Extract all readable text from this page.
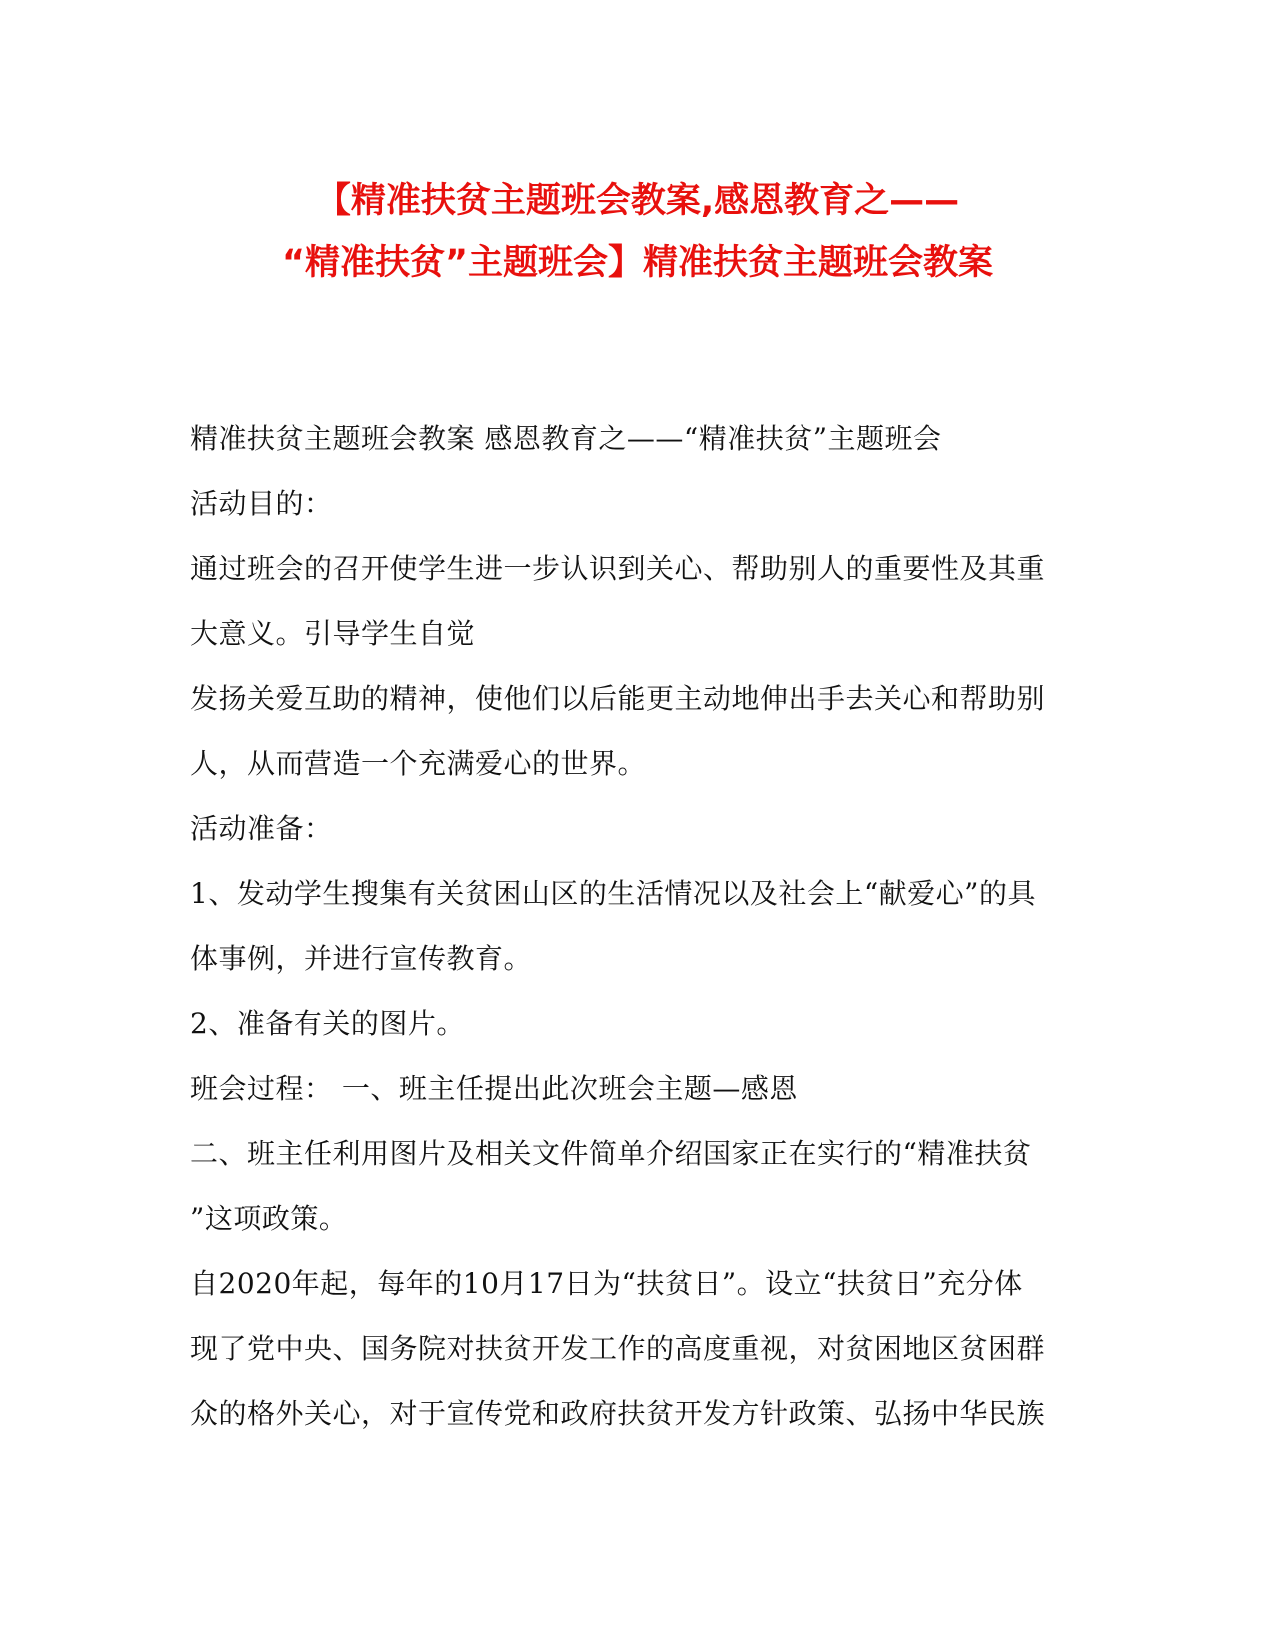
【精准扶贫主题班会教案,感恩教育之——
“精准扶贫”主题班会】精准扶贫主题班会教案

精准扶贫主题班会教案 感恩教育之——“精准扶贫”主题班会

活动目的：

通过班会的召开使学生进一步认识到关心、帮助别人的重要性及其重

大意义。引导学生自觉

发扬关爱互助的精神，使他们以后能更主动地伸出手去关心和帮助别

人，从而营造一个充满爱心的世界。

活动准备：

1、发动学生搜集有关贫困山区的生活情况以及社会上“献爱心”的具

体事例，并进行宣传教育。

2、准备有关的图片。

班会过程： 一、班主任提出此次班会主题—感恩

二、班主任利用图片及相关文件简单介绍国家正在实行的“精准扶贫

”这项政策。

自2020年起，每年的10月17日为“扶贫日”。设立“扶贫日”充分体

现了党中央、国务院对扶贫开发工作的高度重视，对贫困地区贫困群

众的格外关心，对于宣传党和政府扶贫开发方针政策、弘扬中华民族
